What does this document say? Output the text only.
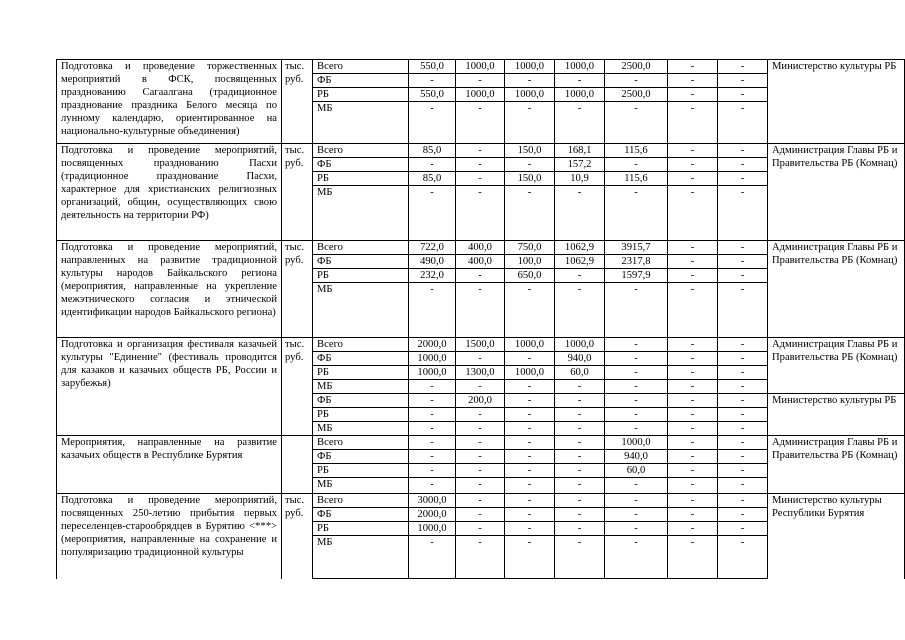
Подготовка и проведение торжественных мероприятий в ФСК, посвященных празднованию Сагаалгана (традиционное празднование праздника Белого месяца по лунному календарю, ориентированное на национально-культурные объединения)	тыс. руб.	Всего	550,0	1000,0	1000,0	1000,0	2500,0	-	-	Министерство культуры РБ
		ФБ	-	-	-	-	-	-	-	
		РБ	550,0	1000,0	1000,0	1000,0	2500,0	-	-	
		МБ	-	-	-	-	-	-	-	
Подготовка и проведение мероприятий, посвященных празднованию Пасхи (традиционное празднование Пасхи, характерное для христианских религиозных организаций, общин, осуществляющих свою деятельность на территории РФ)	тыс. руб.	Всего	85,0	-	150,0	168,1	115,6	-	-	Администрация Главы РБ и Правительства РБ (Комнац)
		ФБ	-	-	-	157,2	-	-	-	
		РБ	85,0	-	150,0	10,9	115,6	-	-	
		МБ	-	-	-	-	-	-	-	
Подготовка и проведение мероприятий, направленных на развитие традиционной культуры народов Байкальского региона (мероприятия, направленные на укрепление межэтнического согласия и этнической идентификации народов Байкальского региона)	тыс. руб.	Всего	722,0	400,0	750,0	1062,9	3915,7	-	-	Администрация Главы РБ и Правительства РБ (Комнац)
		ФБ	490,0	400,0	100,0	1062,9	2317,8	-	-	
		РБ	232,0	-	650,0	-	1597,9	-	-	
		МБ	-	-	-	-	-	-	-	
Подготовка и организация фестиваля казачьей культуры "Единение" (фестиваль проводится для казаков и казачьих обществ РБ, России и зарубежья)	тыс. руб.	Всего	2000,0	1500,0	1000,0	1000,0	-	-	-	Администрация Главы РБ и Правительства РБ (Комнац)
		ФБ	1000,0	-	-	940,0	-	-	-	
		РБ	1000,0	1300,0	1000,0	60,0	-	-	-	
		МБ	-	-	-	-	-	-	-	
		ФБ	-	200,0	-	-	-	-	-	Министерство культуры РБ
		РБ	-	-	-	-	-	-	-	
		МБ	-	-	-	-	-	-	-	
Мероприятия, направленные на развитие казачьих обществ в Республике Бурятия		Всего	-	-	-	-	1000,0	-	-	Администрация Главы РБ и Правительства РБ (Комнац)
		ФБ	-	-	-	-	940,0	-	-	
		РБ	-	-	-	-	60,0	-	-	
		МБ	-	-	-	-	-	-	-	
Подготовка и проведение мероприятий, посвященных 250-летию прибытия первых переселенцев-старообрядцев в Бурятию <***> (мероприятия, направленные на сохранение и популяризацию традиционной культуры	тыс. руб.	Всего	3000,0	-	-	-	-	-	-	Министерство культуры Республики Бурятия
		ФБ	2000,0	-	-	-	-	-	-	
		РБ	1000,0	-	-	-	-	-	-	
		МБ	-	-	-	-	-	-	-	
